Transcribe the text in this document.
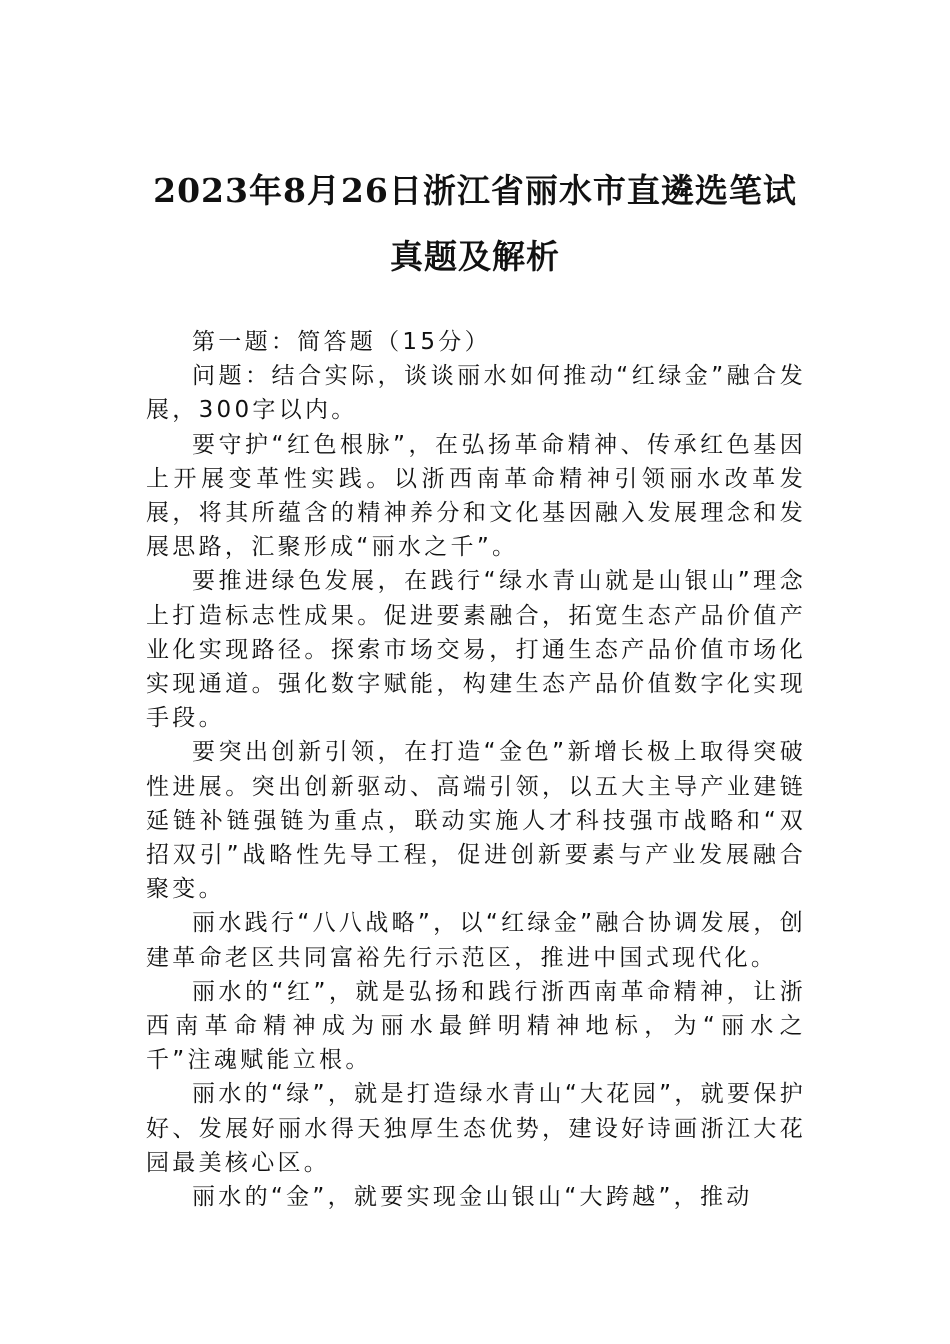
2023年8月26日浙江省丽水市直遴选笔试
真题及解析

第一题：简答题（15分）

问题：结合实际，谈谈丽水如何推动“红绿金”融合发展，300字以内。

要守护“红色根脉”，在弘扬革命精神、传承红色基因上开展变革性实践。以浙西南革命精神引领丽水改革发展，将其所蕴含的精神养分和文化基因融入发展理念和发展思路，汇聚形成“丽水之千”。

要推进绿色发展，在践行“绿水青山就是山银山”理念上打造标志性成果。促进要素融合，拓宽生态产品价值产业化实现路径。探索市场交易，打通生态产品价值市场化实现通道。强化数字赋能，构建生态产品价值数字化实现手段。

要突出创新引领，在打造“金色”新增长极上取得突破性进展。突出创新驱动、高端引领，以五大主导产业建链延链补链强链为重点，联动实施人才科技强市战略和“双招双引”战略性先导工程，促进创新要素与产业发展融合聚变。

丽水践行“八八战略”，以“红绿金”融合协调发展，创建革命老区共同富裕先行示范区，推进中国式现代化。

丽水的“红”，就是弘扬和践行浙西南革命精神，让浙西南革命精神成为丽水最鲜明精神地标，为“丽水之千”注魂赋能立根。

丽水的“绿”，就是打造绿水青山“大花园”，就要保护好、发展好丽水得天独厚生态优势，建设好诗画浙江大花园最美核心区。

丽水的“金”，就要实现金山银山“大跨越”，推动
